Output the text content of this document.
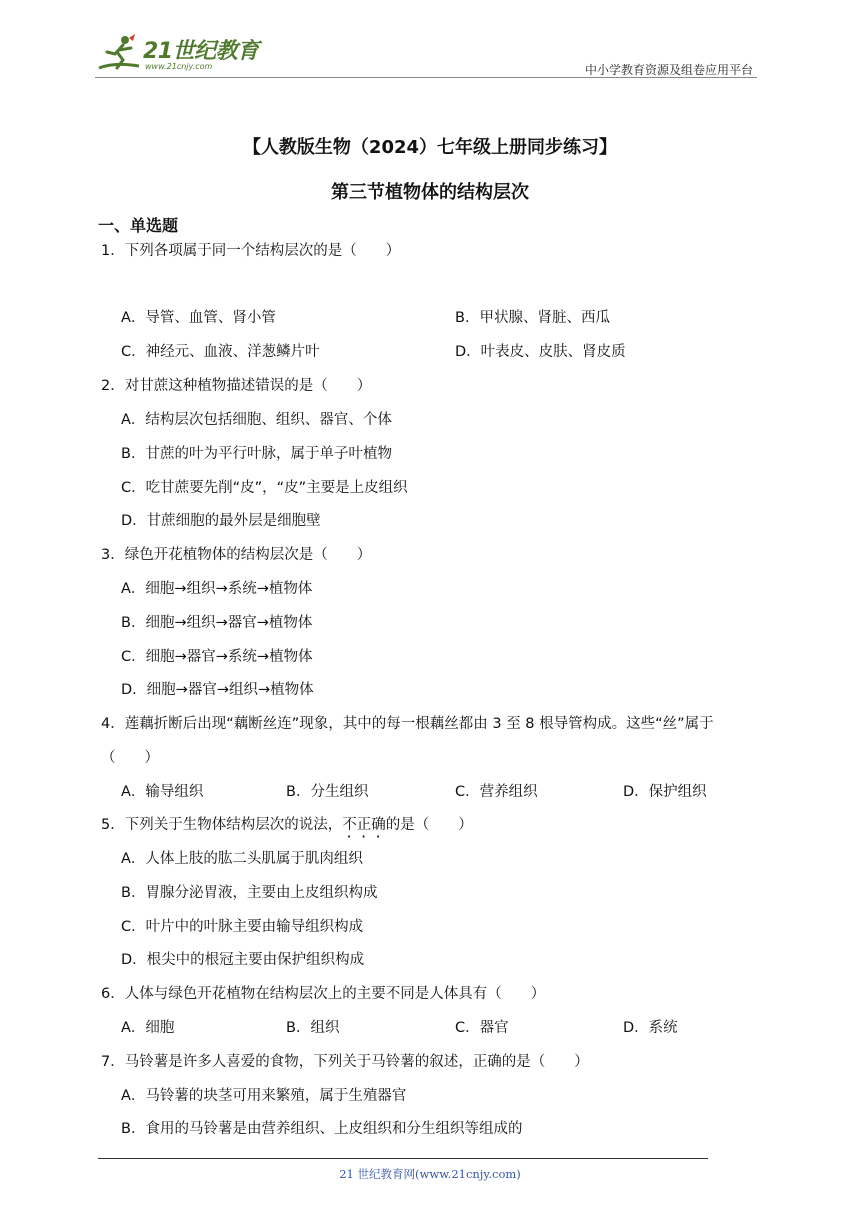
21世纪教育
www.21cnjy.com	中小学教育资源及组卷应用平台
【人教版生物（2024）七年级上册同步练习】
第三节植物体的结构层次
一、单选题
1．下列各项属于同一个结构层次的是（　　）
A．导管、血管、肾小管	B．甲状腺、肾脏、西瓜
C．神经元、血液、洋葱鳞片叶	D．叶表皮、皮肤、肾皮质
2．对甘蔗这种植物描述错误的是（　　）
A．结构层次包括细胞、组织、器官、个体
B．甘蔗的叶为平行叶脉，属于单子叶植物
C．吃甘蔗要先削“皮”，“皮”主要是上皮组织
D．甘蔗细胞的最外层是细胞壁
3．绿色开花植物体的结构层次是（　　）
A．细胞→组织→系统→植物体
B．细胞→组织→器官→植物体
C．细胞→器官→系统→植物体
D．细胞→器官→组织→植物体
4．莲藕折断后出现“藕断丝连”现象，其中的每一根藕丝都由 3 至 8 根导管构成。这些“丝”属于
（　　）
A．输导组织	B．分生组织	C．营养组织	D．保护组织
5．下列关于生物体结构层次的说法，不正确的是（　　）
A．人体上肢的肱二头肌属于肌肉组织
B．胃腺分泌胃液，主要由上皮组织构成
C．叶片中的叶脉主要由输导组织构成
D．根尖中的根冠主要由保护组织构成
6．人体与绿色开花植物在结构层次上的主要不同是人体具有（　　）
A．细胞	B．组织	C．器官	D．系统
7．马铃薯是许多人喜爱的食物，下列关于马铃薯的叙述，正确的是（　　）
A．马铃薯的块茎可用来繁殖，属于生殖器官
B．食用的马铃薯是由营养组织、上皮组织和分生组织等组成的
21 世纪教育网(www.21cnjy.com)
